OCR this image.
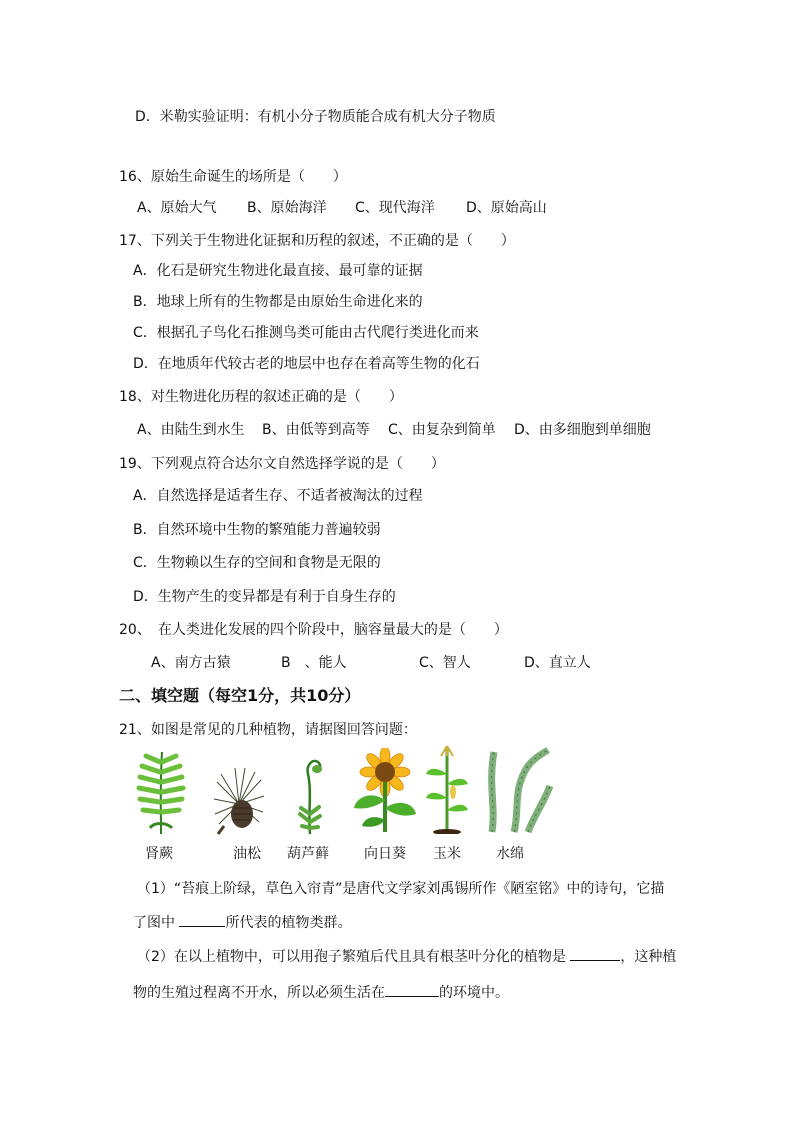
D．米勒实验证明：有机小分子物质能合成有机大分子物质
16、原始生命诞生的场所是（　　）
A、原始大气 B、原始海洋 C、现代海洋 D、原始高山
17、下列关于生物进化证据和历程的叙述，不正确的是（　　）
A．化石是研究生物进化最直接、最可靠的证据
B．地球上所有的生物都是由原始生命进化来的
C．根据孔子鸟化石推测鸟类可能由古代爬行类进化而来
D．在地质年代较古老的地层中也存在着高等生物的化石
18、对生物进化历程的叙述正确的是（　　）
A、由陆生到水生 B、由低等到高等 C、由复杂到简单 D、由多细胞到单细胞
19、下列观点符合达尔文自然选择学说的是（　　）
A．自然选择是适者生存、不适者被淘汰的过程
B．自然环境中生物的繁殖能力普遍较弱
C．生物赖以生存的空间和食物是无限的
D．生物产生的变异都是有利于自身生存的
20、　在人类进化发展的四个阶段中，脑容量最大的是（　　）
A、南方古猿	B　、能人	C、智人	D、直立人
二、填空题（每空1分，共10分）
21、如图是常见的几种植物，请据图回答问题：
肾蕨	油松 葫芦藓	向日葵 玉米	水绵
（1）“苔痕上阶绿，草色入帘青”是唐代文学家刘禹锡所作《陋室铭》中的诗句，它描
了图中	所代表的植物类群。
（2）在以上植物中，可以用孢子繁殖后代且具有根茎叶分化的植物是	，这种植
物的生殖过程离不开水，所以必须生活在	的环境中。
